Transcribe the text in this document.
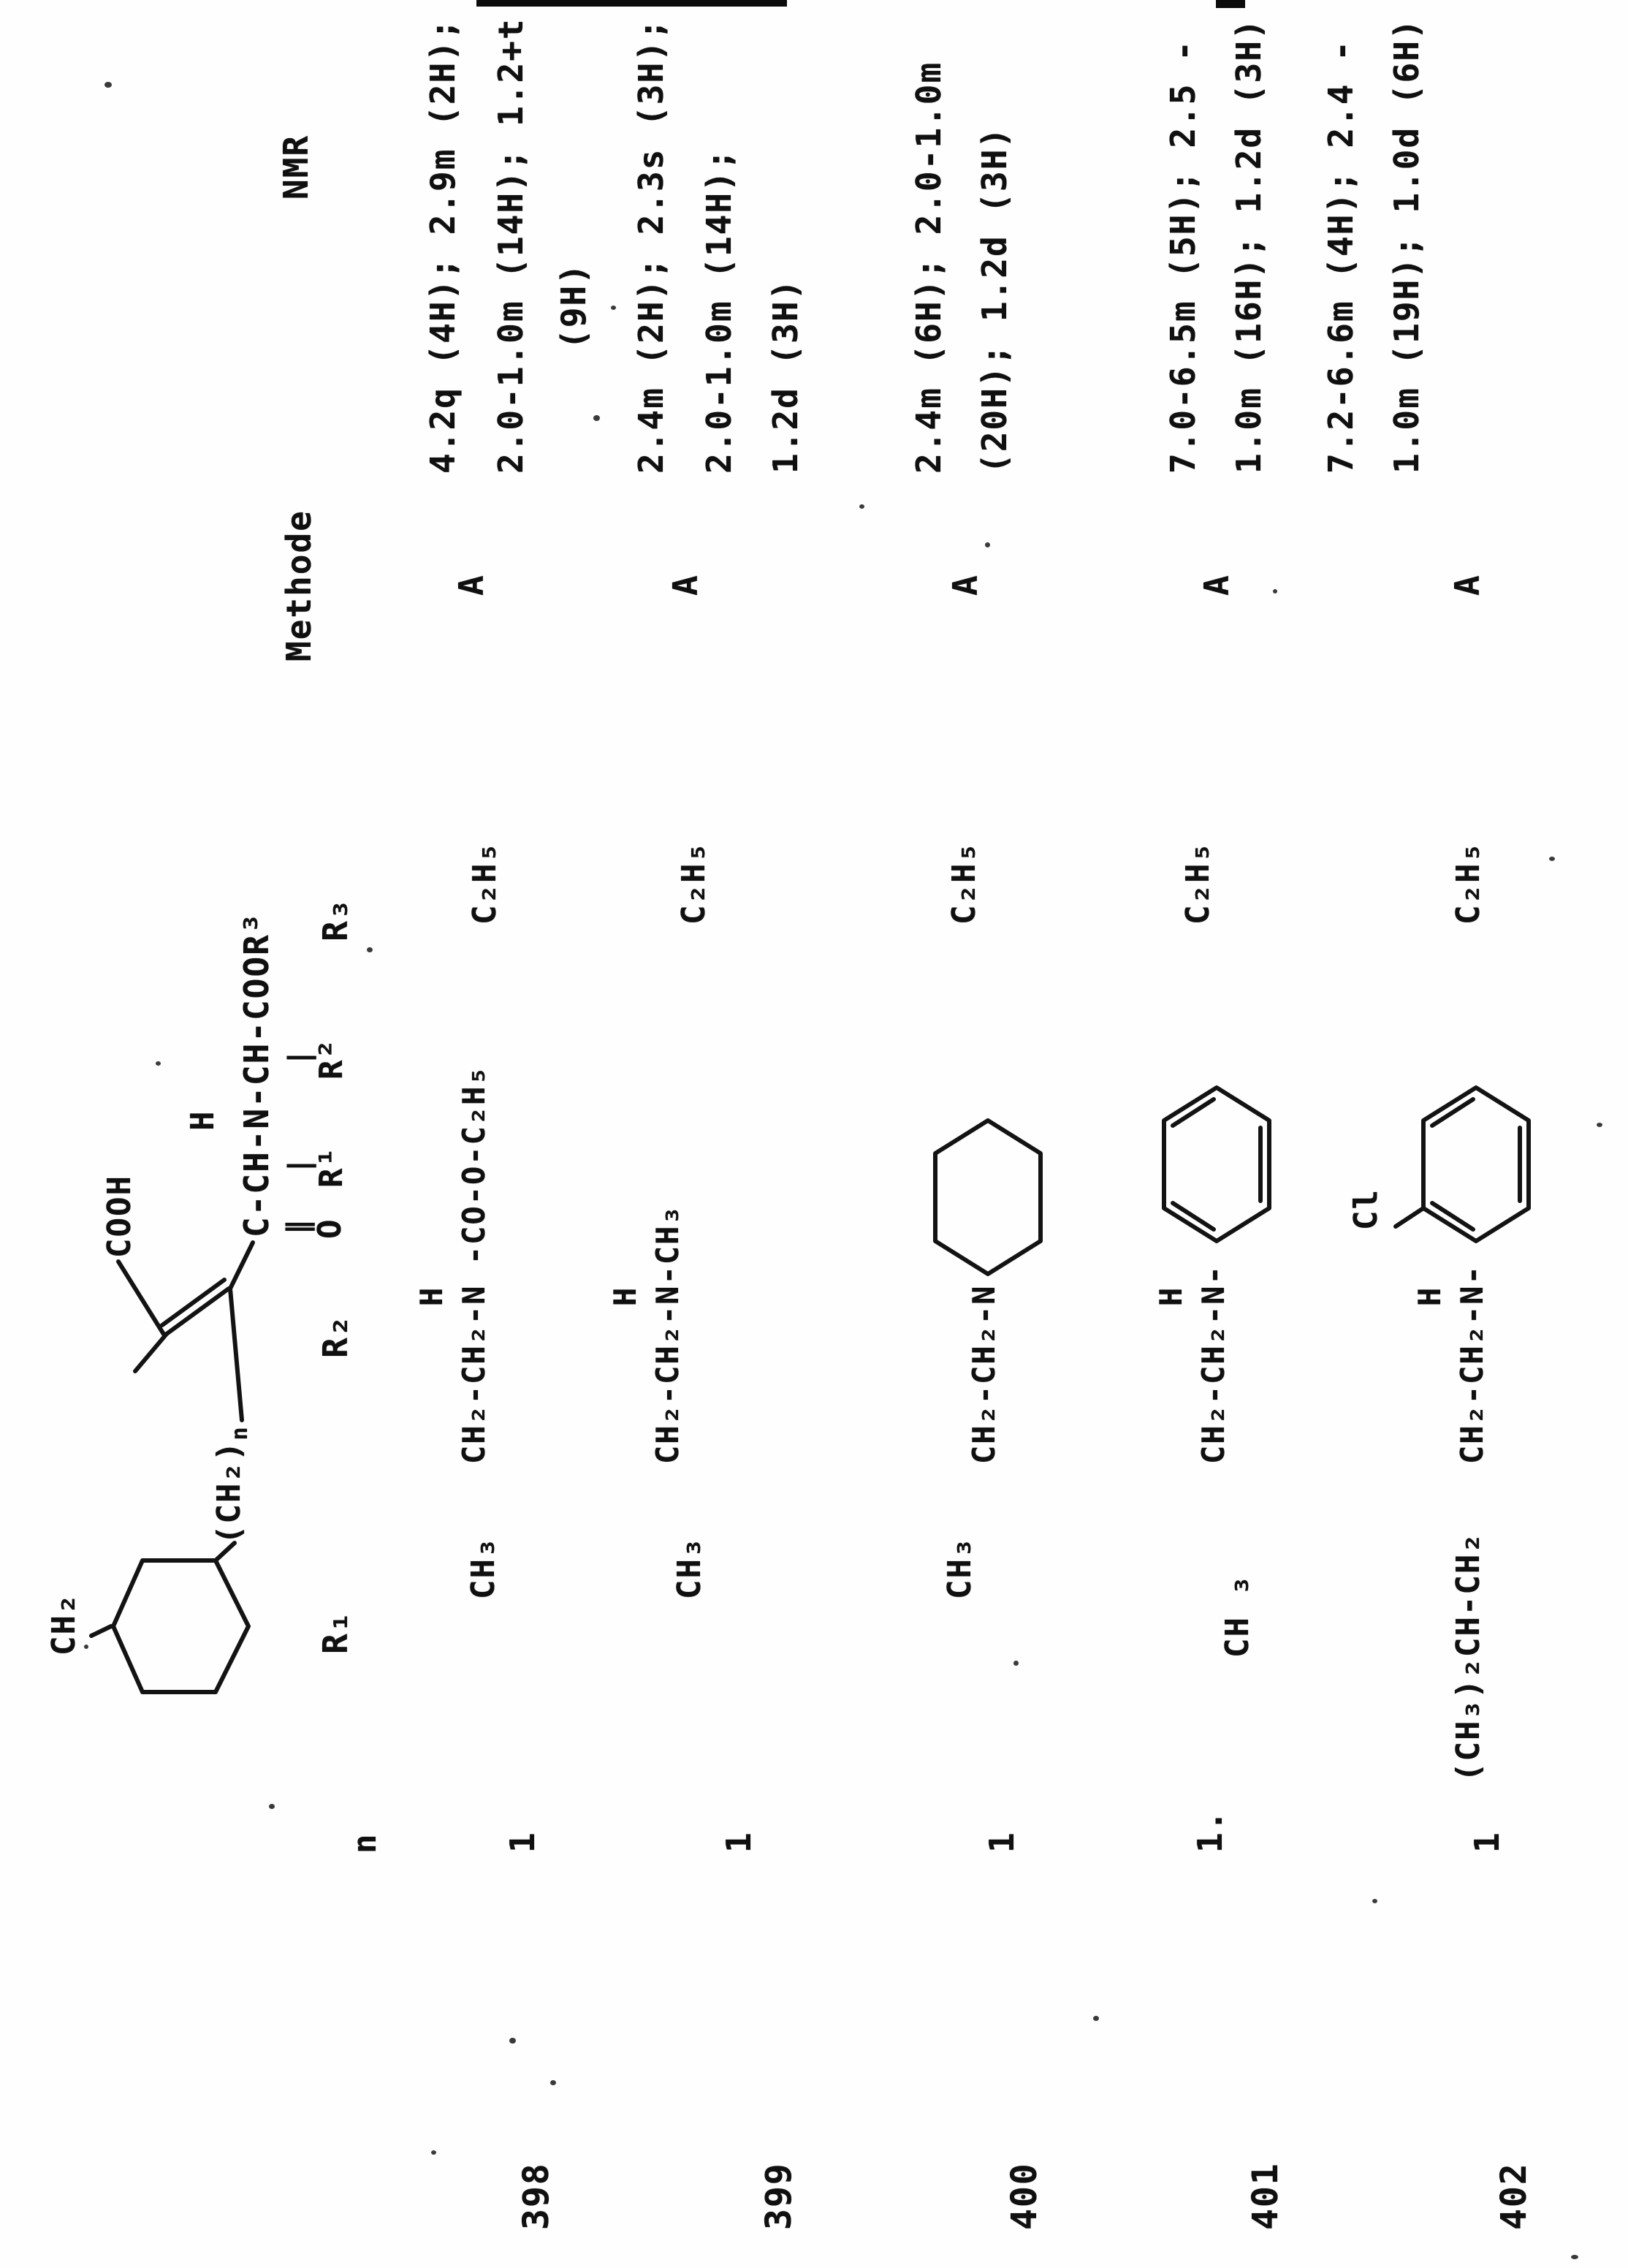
COOH
CH₂
$(CH_2)_n$
C-CH-N-CH-COOR³
H
‖
O
|
R¹
|
R²
n
R₁
R₂
R₃
Methode
NMR
398
1
CH₃
H CH₂-CH₂-N -CO-O-C₂H₅
C₂H₅
A
4.2q (4H); 2.9m (2H); 2.0-1.0m (14H); 1.2+t (9H)
399
1
CH₃
H CH₂-CH₂-N-CH₃
C₂H₅
A
2.4m (2H); 2.3s (3H); 2.0-1.0m (14H); 1.2d (3H)
400
1
CH₃
CH₂-CH₂-N
C₂H₅
A
2.4m (6H); 2.0-1.0m (20H); 1.2d (3H)
401
1.
CH ₃
H CH₂-CH₂-N-
C₂H₅
A
7.0-6.5m (5H); 2.5 - 1.0m (16H); 1.2d (3H)
402
1
(CH₃)₂CH-CH₂
H CH₂-CH₂-N-
Cl
C₂H₅
A
7.2-6.6m (4H); 2.4 - 1.0m (19H); 1.0d (6H)
